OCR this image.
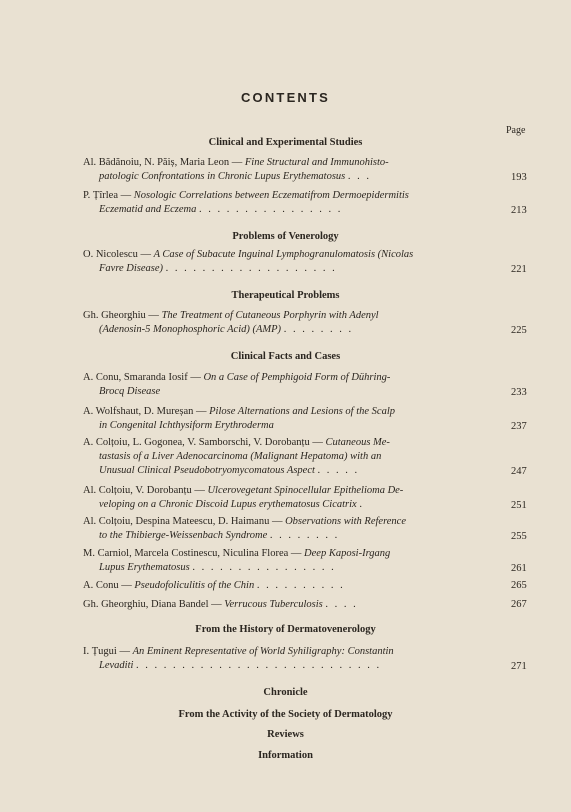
CONTENTS
Page
Clinical and Experimental Studies
Al. Bădănoiu, N. Păiș, Maria Leon — Fine Structural and Immunohisto-
patologic Confrontations in Chronic Lupus Erythematosus . . .	193
P. Țîrlea — Nosologic Correlations between Eczematifrom Dermoepidermitis
Eczematid and Eczema . . . . . . . . . . . . . . . .	213
Problems of Venerology
O. Nicolescu — A Case of Subacute Inguinal Lymphogranulomatosis (Nicolas
Favre Disease) . . . . . . . . . . . . . . . . . . .	221
Therapeutical Problems
Gh. Gheorghiu — The Treatment of Cutaneous Porphyrin with Adenyl
(Adenosin-5 Monophosphoric Acid) (AMP) . . . . . . . .	225
Clinical Facts and Cases
A. Conu, Smaranda Iosif — On a Case of Pemphigoid Form of Dühring-
Brocq Disease	233
A. Wolfshaut, D. Mureșan — Pilose Alternations and Lesions of the Scalp
in Congenital Ichthysiform Erythroderma	237
A. Colțoiu, L. Gogonea, V. Samborschi, V. Dorobanțu — Cutaneous Me-
tastasis of a Liver Adenocarcinoma (Malignant Hepatoma) with an
Unusual Clinical Pseudobotryomycomatous Aspect . . . . .	247
Al. Colțoiu, V. Dorobanțu — Ulcerovegetant Spinocellular Epithelioma De-
veloping on a Chronic Discoid Lupus erythematosus Cicatrix .	251
Al. Colțoiu, Despina Mateescu, D. Haimanu — Observations with Reference
to the Thibierge-Weissenbach Syndrome . . . . . . . .	255
M. Carniol, Marcela Costinescu, Niculina Florea — Deep Kaposi-Irgang
Lupus Erythematosus . . . . . . . . . . . . . . . .	261
A. Conu — Pseudofoliculitis of the Chin . . . . . . . . . .	265
Gh. Gheorghiu, Diana Bandel — Verrucous Tuberculosis . . . .	267
From the History of Dermatovenerology
I. Țugui — An Eminent Representative of World Syhiligraphy: Constantin
Levaditi . . . . . . . . . . . . . . . . . . . . . . . . . . .	271
Chronicle
From the Activity of the Society of Dermatology
Reviews
Information
